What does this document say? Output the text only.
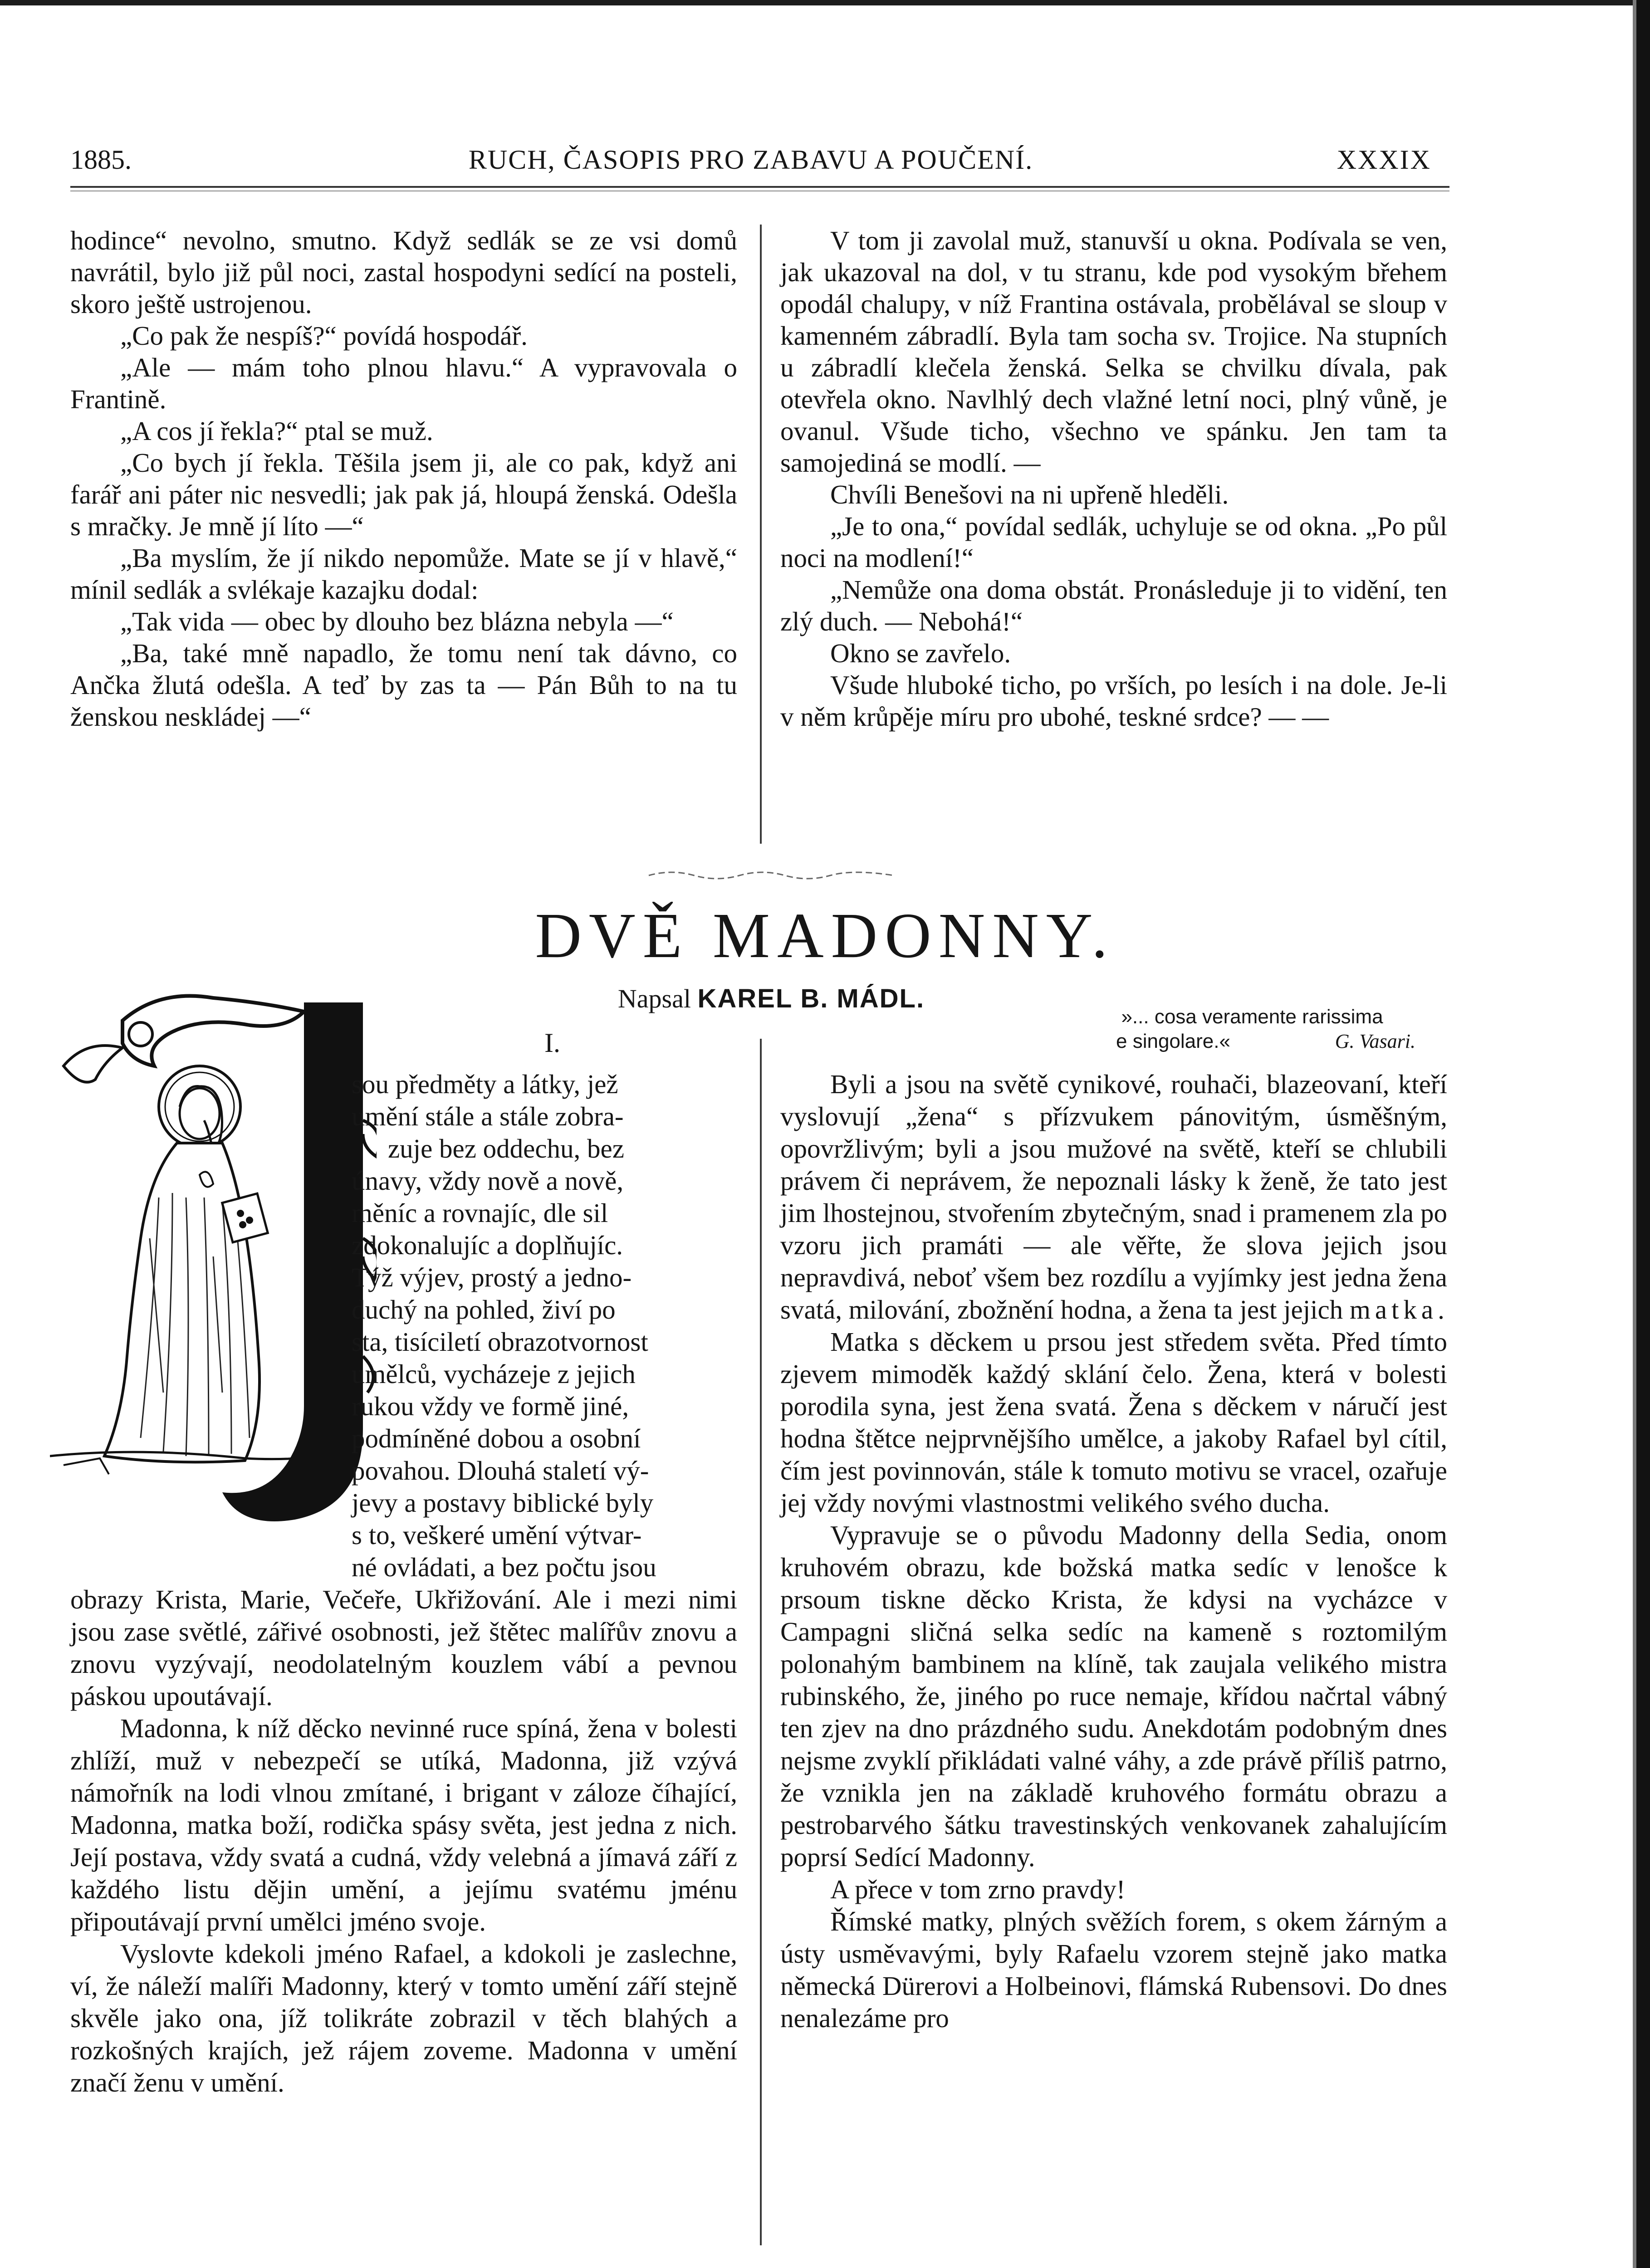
1885.	RUCH, ČASOPIS PRO ZABAVU A POUČENÍ.	XXXIX

hodince“ nevolno, smutno. Když sedlák se ze vsi domů navrátil, bylo již půl noci, zastal hospodyni sedící na posteli, skoro ještě ustrojenou.

„Co pak že nespíš?“ povídá hospodář.

„Ale — mám toho plnou hlavu.“ A vypravovala o Frantině.

„A cos jí řekla?“ ptal se muž.

„Co bych jí řekla. Těšila jsem ji, ale co pak, když ani farář ani páter nic nesvedli; jak pak já, hloupá ženská. Odešla s mračky. Je mně jí líto —“

„Ba myslím, že jí nikdo nepomůže. Mate se jí v hlavě,“ mínil sedlák a svlékaje kazajku dodal:

„Tak vida — obec by dlouho bez blázna nebyla —“

„Ba, také mně napadlo, že tomu není tak dávno, co Ančka žlutá odešla. A teď by zas ta — Pán Bůh to na tu ženskou neskládej —“

V tom ji zavolal muž, stanuvší u okna. Podívala se ven, jak ukazoval na dol, v tu stranu, kde pod vysokým břehem opodál chalupy, v níž Frantina ostávala, probělával se sloup v kamenném zábradlí. Byla tam socha sv. Trojice. Na stupních u zábradlí klečela ženská. Selka se chvilku dívala, pak otevřela okno. Navlhlý dech vlažné letní noci, plný vůně, je ovanul. Všude ticho, všechno ve spánku. Jen tam ta samojediná se modlí. —

Chvíli Benešovi na ni upřeně hleděli.

„Je to ona,“ povídal sedlák, uchyluje se od okna. „Po půl noci na modlení!“

„Nemůže ona doma obstát. Pronásleduje ji to vidění, ten zlý duch. — Nebohá!“

Okno se zavřelo.

Všude hluboké ticho, po vrších, po lesích i na dole. Je-li v něm krůpěje míru pro ubohé, teskné srdce? — —

DVĚ MADONNY.
Napsal KAREL B. MÁDL.
»... cosa veramente rarissima
e singolare.«	G. Vasari.
I.
sou předměty a látky, jež
umění stále a stále zobra-
zuje bez oddechu, bez
únavy, vždy nově a nově,
měníc a rovnajíc, dle sil
zdokonalujíc a doplňujíc.
Týž výjev, prostý a jedno-
duchý na pohled, živí po
sta, tisíciletí obrazotvornost
umělců, vycházeje z jejich
rukou vždy ve formě jiné,
podmíněné dobou a osobní
povahou. Dlouhá staletí vý-
jevy a postavy biblické byly
s to, veškeré umění výtvar-
né ovládati, a bez počtu jsou

obrazy Krista, Marie, Večeře, Ukřižování. Ale i mezi nimi jsou zase světlé, zářivé osobnosti, jež štětec malířův znovu a znovu vyzývají, neodolatelným kouzlem vábí a pevnou páskou upoutávají.

Madonna, k níž děcko nevinné ruce spíná, žena v bolesti zhlíží, muž v nebezpečí se utíká, Madonna, již vzývá námořník na lodi vlnou zmítané, i brigant v záloze číhající, Madonna, matka boží, rodička spásy světa, jest jedna z nich. Její postava, vždy svatá a cudná, vždy velebná a jímavá září z každého listu dějin umění, a jejímu svatému jménu připoutávají první umělci jméno svoje.

Vyslovte kdekoli jméno Rafael, a kdokoli je zaslechne, ví, že náleží malíři Madonny, který v tomto umění září stejně skvěle jako ona, jíž tolikráte zobrazil v těch blahých a rozkošných krajích, jež rájem zoveme. Madonna v umění značí ženu v umění.

Byli a jsou na světě cynikové, rouhači, blazeovaní, kteří vyslovují „žena“ s přízvukem pánovitým, úsměšným, opovržlivým; byli a jsou mužové na světě, kteří se chlubili právem či neprávem, že nepoznali lásky k ženě, že tato jest jim lhostejnou, stvořením zbytečným, snad i pramenem zla po vzoru jich pramáti — ale věřte, že slova jejich jsou nepravdivá, neboť všem bez rozdílu a vyjímky jest jedna žena svatá, milování, zbožnění hodna, a žena ta jest jejich matka.

Matka s děckem u prsou jest středem světa. Před tímto zjevem mimoděk každý sklání čelo. Žena, která v bolesti porodila syna, jest žena svatá. Žena s děckem v náručí jest hodna štětce nejprvnějšího umělce, a jakoby Rafael byl cítil, čím jest povinnován, stále k tomuto motivu se vracel, ozařuje jej vždy novými vlastnostmi velikého svého ducha.

Vypravuje se o původu Madonny della Sedia, onom kruhovém obrazu, kde božská matka sedíc v lenošce k prsoum tiskne děcko Krista, že kdysi na vycházce v Campagni sličná selka sedíc na kameně s roztomilým polonahým bambinem na klíně, tak zaujala velikého mistra rubinského, že, jiného po ruce nemaje, křídou načrtal vábný ten zjev na dno prázdného sudu. Anekdotám podobným dnes nejsme zvyklí přikládati valné váhy, a zde právě příliš patrno, že vznikla jen na základě kruhového formátu obrazu a pestrobarvého šátku travestinských venkovanek zahalujícím poprsí Sedící Madonny.

A přece v tom zrno pravdy!

Římské matky, plných svěžích forem, s okem žárným a ústy usměvavými, byly Rafaelu vzorem stejně jako matka německá Dürerovi a Holbeinovi, flámská Rubensovi. Do dnes nenalezáme pro
